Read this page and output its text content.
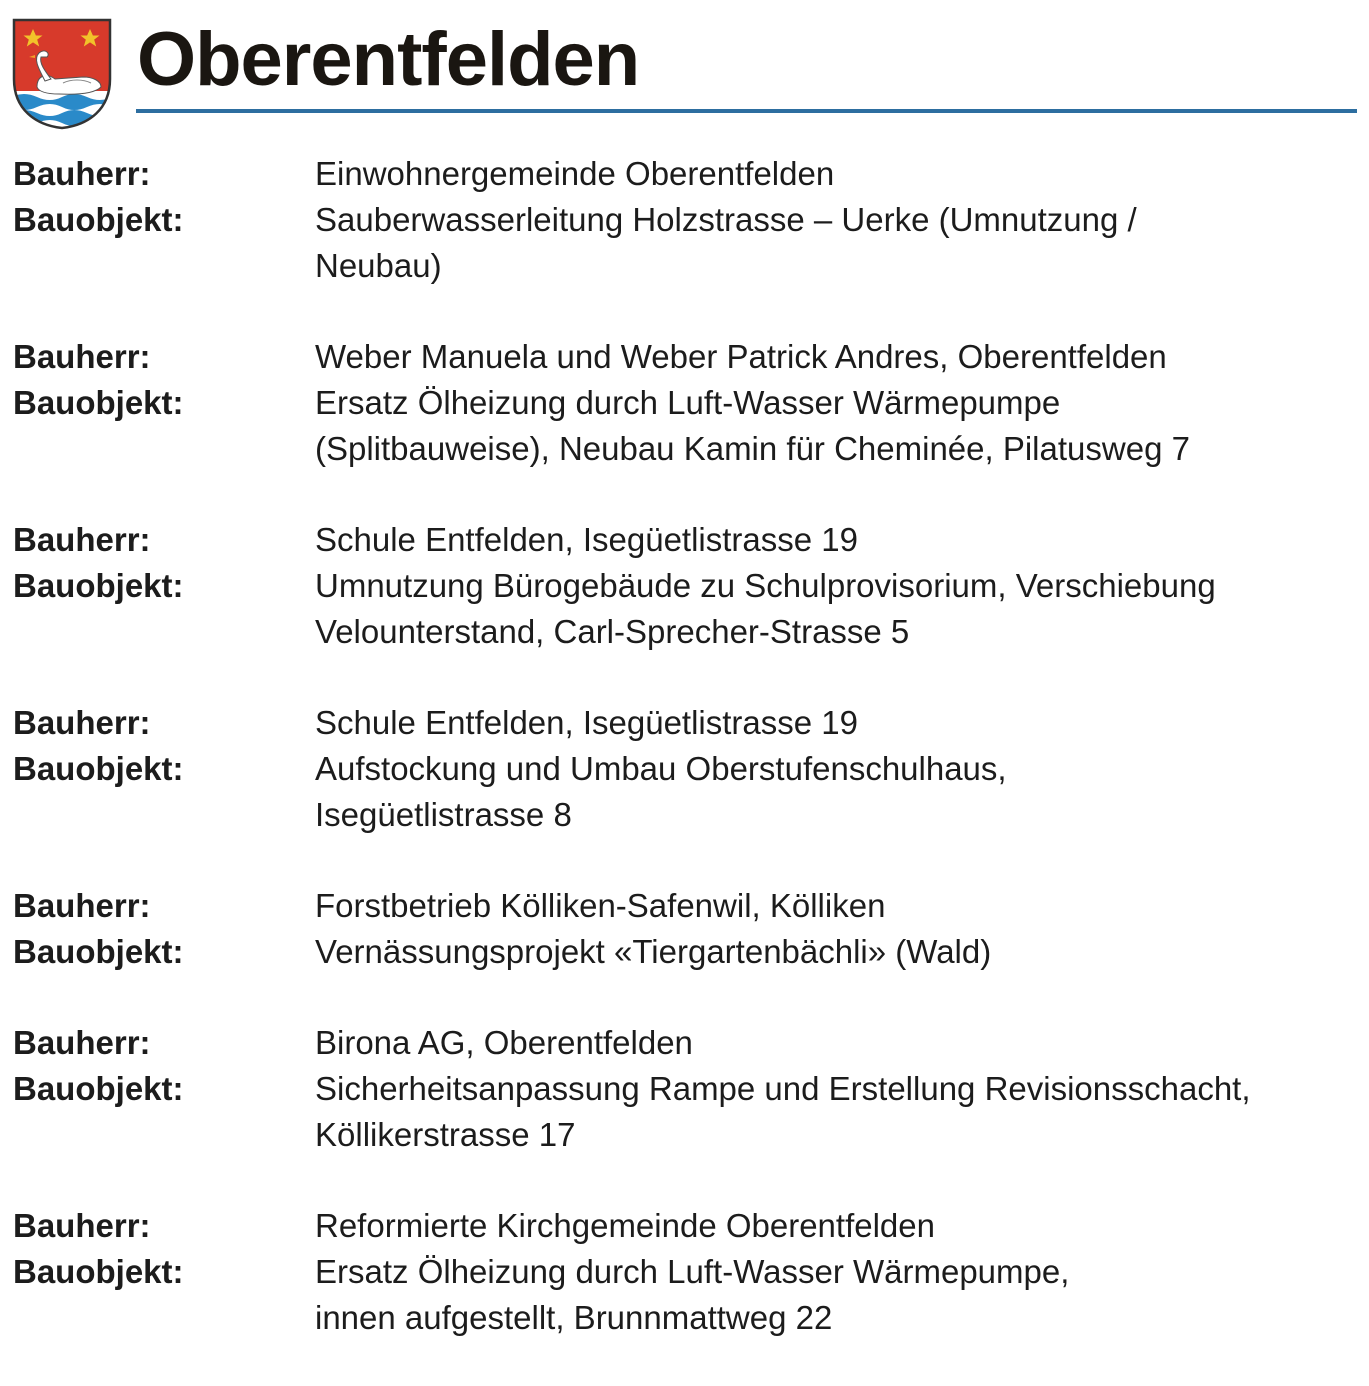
Oberentfelden
Bauherr:	Einwohnergemeinde Oberentfelden
Bauobjekt:	Sauberwasserleitung Holzstrasse – Uerke (Umnutzung /
Neubau)
Bauherr:	Weber Manuela und Weber Patrick Andres, Oberentfelden
Bauobjekt:	Ersatz Ölheizung durch Luft-Wasser Wärmepumpe
(Splitbauweise), Neubau Kamin für Cheminée, Pilatusweg 7
Bauherr:	Schule Entfelden, Isegüetlistrasse 19
Bauobjekt:	Umnutzung Bürogebäude zu Schulprovisorium, Verschiebung
Velounterstand, Carl-Sprecher-Strasse 5
Bauherr:	Schule Entfelden, Isegüetlistrasse 19
Bauobjekt:	Aufstockung und Umbau Oberstufenschulhaus,
Isegüetlistrasse 8
Bauherr:	Forstbetrieb Kölliken-Safenwil, Kölliken
Bauobjekt:	Vernässungsprojekt «Tiergartenbächli» (Wald)
Bauherr:	Birona AG, Oberentfelden
Bauobjekt:	Sicherheitsanpassung Rampe und Erstellung Revisionsschacht,
Köllikerstrasse 17
Bauherr:	Reformierte Kirchgemeinde Oberentfelden
Bauobjekt:	Ersatz Ölheizung durch Luft-Wasser Wärmepumpe,
innen aufgestellt, Brunnmattweg 22
